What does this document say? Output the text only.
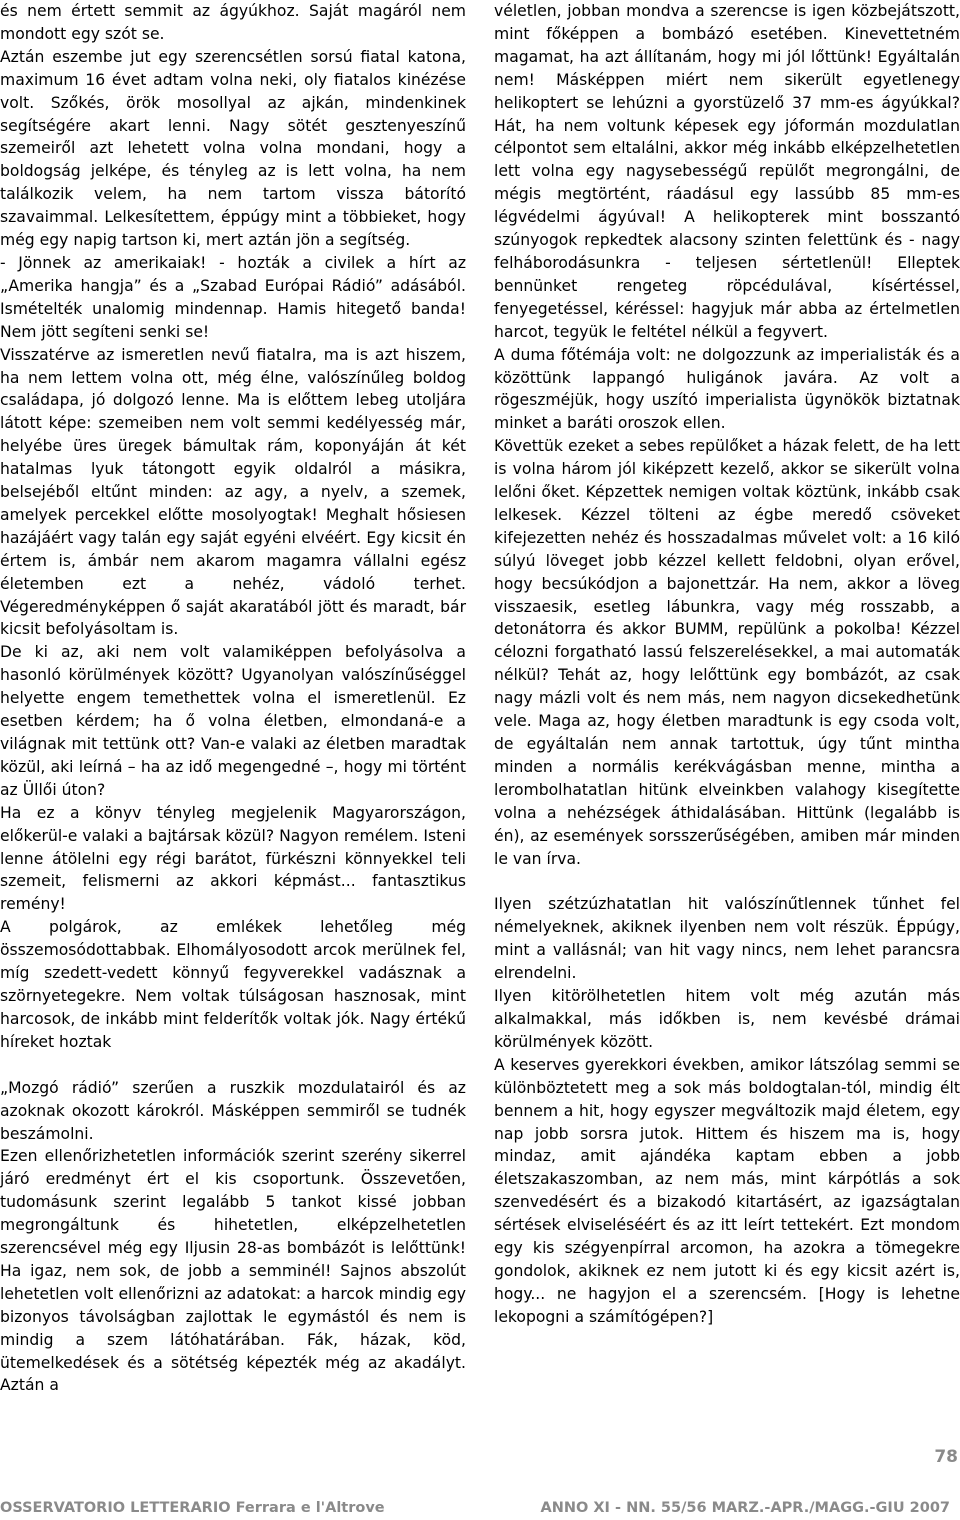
és nem értett semmit az ágyúkhoz. Saját magáról nem mondott egy szót se.

Aztán eszembe jut egy szerencsétlen sorsú fiatal katona, maximum 16 évet adtam volna neki, oly fiatalos kinézése volt. Szőkés, örök mosollyal az ajkán, mindenkinek segítségére akart lenni. Nagy sötét gesztenyeszínű szemeiről azt lehetett volna volna mondani, hogy a boldogság jelképe, és tényleg az is lett volna, ha nem találkozik velem, ha nem tartom vissza bátorító szavaimmal. Lelkesítettem, éppúgy mint a többieket, hogy még egy napig tartson ki, mert aztán jön a segítség.

- Jönnek az amerikaiak! - hozták a civilek a hírt az „Amerika hangja” és a „Szabad Európai Rádió” adásából. Ismételték unalomig mindennap. Hamis hitegető banda! Nem jött segíteni senki se!

Visszatérve az ismeretlen nevű fiatalra, ma is azt hiszem, ha nem lettem volna ott, még élne, valószínűleg boldog családapa, jó dolgozó lenne. Ma is előttem lebeg utoljára látott képe: szemeiben nem volt semmi kedélyesség már, helyébe üres üregek bámultak rám, koponyáján át két hatalmas lyuk tátongott egyik oldalról a másikra, belsejéből eltűnt minden: az agy, a nyelv, a szemek, amelyek percekkel előtte mosolyogtak! Meghalt hősiesen hazájáért vagy talán egy saját egyéni elvéért. Egy kicsit én értem is, ámbár nem akarom magamra vállalni egész életemben ezt a nehéz, vádoló terhet. Végeredményképpen ő saját akaratából jött és maradt, bár kicsit befolyásoltam is.

De ki az, aki nem volt valamiképpen befolyásolva a hasonló körülmények között? Ugyanolyan valószínűséggel helyette engem temethettek volna el ismeretlenül. Ez esetben kérdem; ha ő volna életben, elmondaná-e a világnak mit tettünk ott? Van-e valaki az életben maradtak közül, aki leírná – ha az idő megengedné –, hogy mi történt az Üllői úton?

Ha ez a könyv tényleg megjelenik Magyarországon, előkerül-e valaki a bajtársak közül? Nagyon remélem. Isteni lenne átölelni egy régi barátot, fürkészni könnyekkel teli szemeit, felismerni az akkori képmást... fantasztikus remény!

A polgárok, az emlékek lehetőleg még összemosódottabbak. Elhomályosodott arcok merülnek fel, míg szedett-vedett könnyű fegyverekkel vadásznak a szörnyetegekre. Nem voltak túlságosan hasznosak, mint harcosok, de inkább mint felderítők voltak jók. Nagy értékű híreket hoztak

„Mozgó rádió” szerűen a ruszkik mozdulatairól és az azoknak okozott károkról. Másképpen semmiről se tudnék beszámolni.

Ezen ellenőrizhetetlen információk szerint szerény sikerrel járó eredményt ért el kis csoportunk. Összevetően, tudomásunk szerint legalább 5 tankot kissé jobban megrongáltunk és hihetetlen, elképzelhetetlen szerencsével még egy Iljusin 28-as bombázót is lelőttünk! Ha igaz, nem sok, de jobb a semminél! Sajnos abszolút lehetetlen volt ellenőrizni az adatokat: a harcok mindig egy bizonyos távolságban zajlottak le egymástól és nem is mindig a szem látóhatárában. Fák, házak, köd, ütemelkedések és a sötétség képezték még az akadályt. Aztán a

véletlen, jobban mondva a szerencse is igen közbejátszott, mint főképpen a bombázó esetében. Kinevettetném magamat, ha azt állítanám, hogy mi jól lőttünk! Egyáltalán nem! Másképpen miért nem sikerült egyetlenegy helikoptert se lehúzni a gyorstüzelő 37 mm-es ágyúkkal? Hát, ha nem voltunk képesek egy jóformán mozdulatlan célpontot sem eltalálni, akkor még inkább elképzelhetetlen lett volna egy nagysebességű repülőt megrongálni, de mégis megtörtént, ráadásul egy lassúbb 85 mm-es légvédelmi ágyúval! A helikopterek mint bosszantó szúnyogok repkedtek alacsony szinten felettünk és - nagy felháborodásunkra - teljesen sértetlenül! Elleptek bennünket rengeteg röpcédulával, kísértéssel, fenyegetéssel, kéréssel: hagyjuk már abba az értelmetlen harcot, tegyük le feltétel nélkül a fegyvert.

A duma főtémája volt: ne dolgozzunk az imperialisták és a közöttünk lappangó huligánok javára. Az volt a rögeszméjük, hogy uszító imperialista ügynökök biztatnak minket a baráti oroszok ellen.

Követtük ezeket a sebes repülőket a házak felett, de ha lett is volna három jól kiképzett kezelő, akkor se sikerült volna lelőni őket. Képzettek nemigen voltak köztünk, inkább csak lelkesek. Kézzel tölteni az égbe meredő csöveket kifejezetten nehéz és hosszadalmas művelet volt: a 16 kiló súlyú löveget jobb kézzel kellett feldobni, olyan erővel, hogy becsúkódjon a bajonettzár. Ha nem, akkor a löveg visszaesik, esetleg lábunkra, vagy még rosszabb, a detonátorra és akkor BUMM, repülünk a pokolba! Kézzel célozni forgatható lassú felszerelésekkel, a mai automaták nélkül? Tehát az, hogy lelőttünk egy bombázót, az csak nagy mázli volt és nem más, nem nagyon dicsekedhetünk vele. Maga az, hogy életben maradtunk is egy csoda volt, de egyáltalán nem annak tartottuk, úgy tűnt mintha minden a normális kerékvágásban menne, mintha a lerombolhatatlan hitünk elveinkben valahogy kisegítette volna a nehézségek áthidalásában. Hittünk (legalább is én), az események sorsszerűségében, amiben már minden le van írva.

Ilyen szétzúzhatatlan hit valószínűtlennek tűnhet fel némelyeknek, akiknek ilyenben nem volt részük. Éppúgy, mint a vallásnál; van hit vagy nincs, nem lehet parancsra elrendelni.

Ilyen kitörölhetetlen hitem volt még azután más alkalmakkal, más időkben is, nem kevésbé drámai körülmények között.

A keserves gyerekkori években, amikor látszólag semmi se különböztetett meg a sok más boldogtalan-tól, mindig élt bennem a hit, hogy egyszer megváltozik majd életem, egy nap jobb sorsra jutok. Hittem és hiszem ma is, hogy mindaz, amit ajándéka kaptam ebben a jobb életszakaszomban, az nem más, mint kárpótlás a sok szenvedésért és a bizakodó kitartásért, az igazságtalan sértések elviseléséért és az itt leírt tettekért. Ezt mondom egy kis szégyenpírral arcomon, ha azokra a tömegekre gondolok, akiknek ez nem jutott ki és egy kicsit azért is, hogy... ne hagyjon el a szerencsém. [Hogy is lehetne lekopogni a számítógépen?]

78
OSSERVATORIO LETTERARIO Ferrara e l'Altrove	ANNO XI - NN. 55/56 MARZ.-APR./MAGG.-GIU 2007
